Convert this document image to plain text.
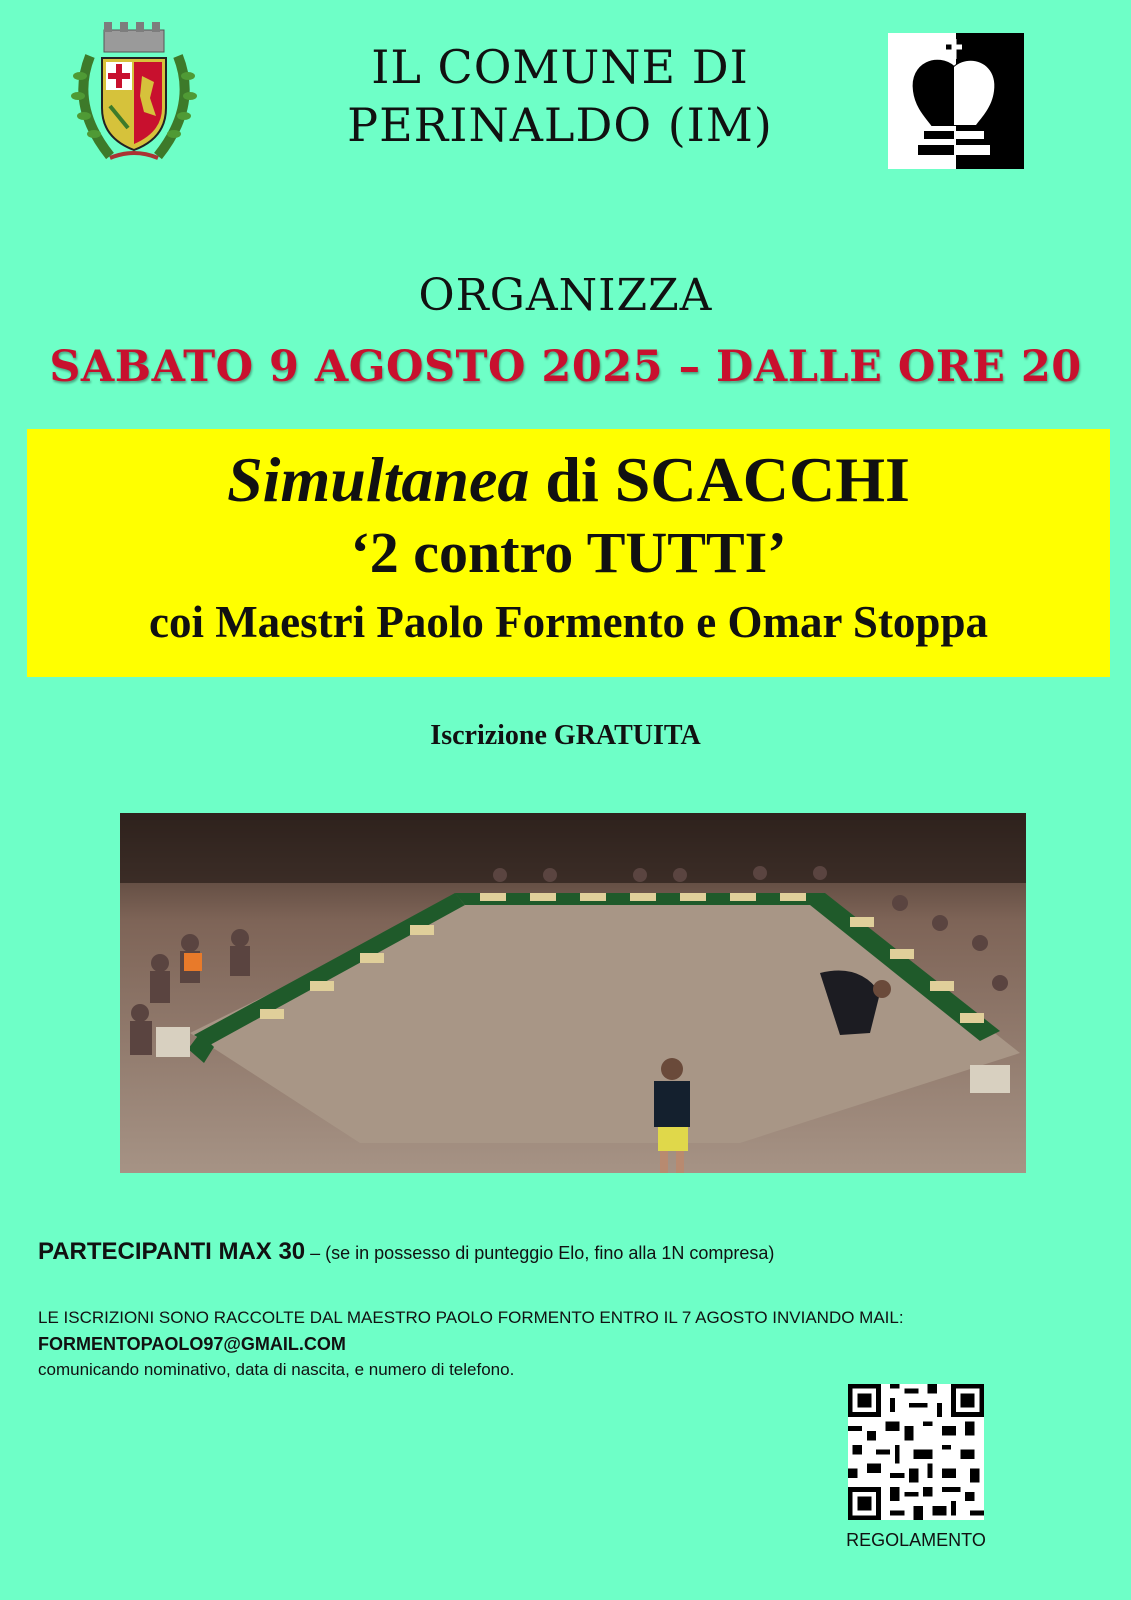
IL COMUNE DI
PERINALDO (IM)
ORGANIZZA
SABATO 9 AGOSTO 2025 – DALLE ORE 20
Simultanea di SCACCHI
‘2 contro TUTTI’
coi Maestri Paolo Formento e Omar Stoppa
Iscrizione GRATUITA
PARTECIPANTI MAX 30 – (se in possesso di punteggio Elo, fino alla 1N compresa)
LE ISCRIZIONI SONO RACCOLTE DAL MAESTRO PAOLO FORMENTO ENTRO IL 7 AGOSTO INVIANDO MAIL:
FORMENTOPAOLO97@GMAIL.COM
comunicando nominativo, data di nascita, e numero di telefono.
REGOLAMENTO
